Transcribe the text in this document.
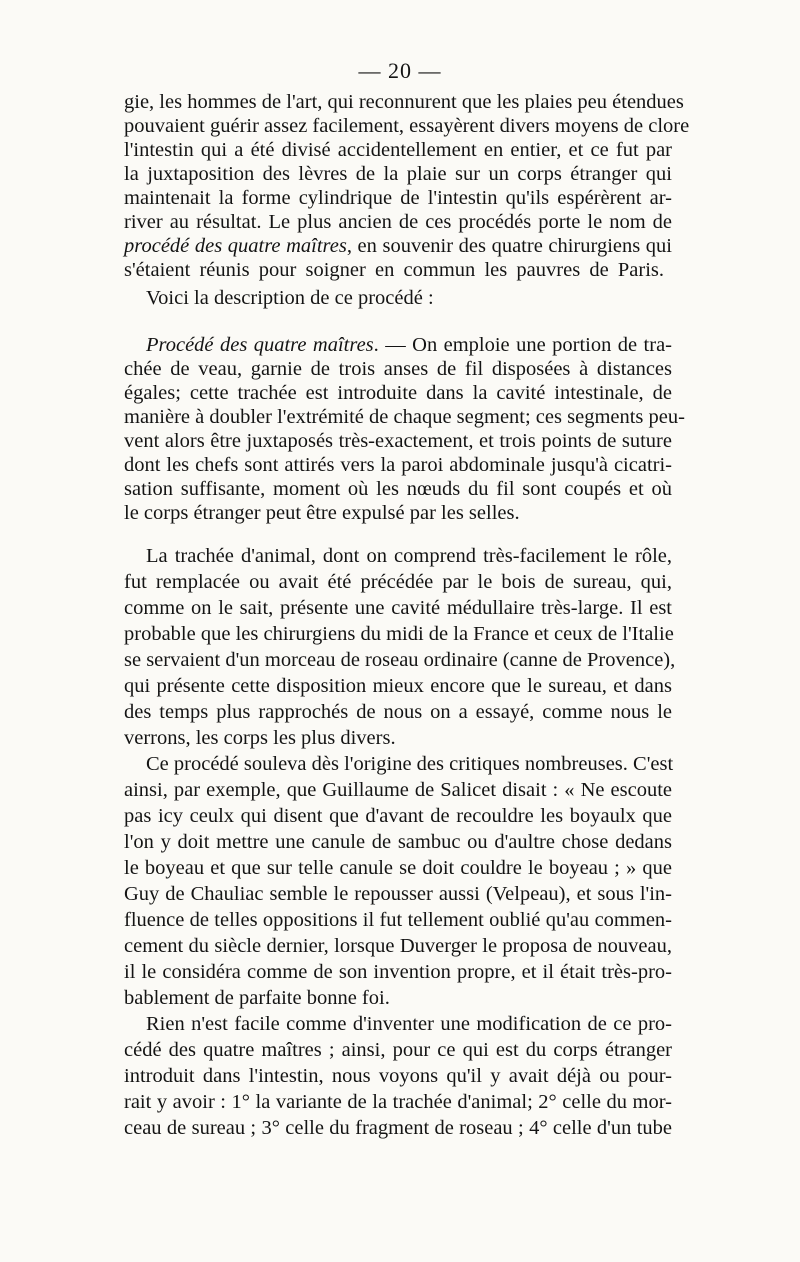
— 20 —
gie, les hommes de l'art, qui reconnurent que les plaies peu étendues
pouvaient guérir assez facilement, essayèrent divers moyens de clore
l'intestin qui a été divisé accidentellement en entier, et ce fut par
la juxtaposition des lèvres de la plaie sur un corps étranger qui
maintenait la forme cylindrique de l'intestin qu'ils espérèrent ar-
river au résultat. Le plus ancien de ces procédés porte le nom de
procédé des quatre maîtres, en souvenir des quatre chirurgiens qui
s'étaient réunis pour soigner en commun les pauvres de Paris.
Voici la description de ce procédé :
Procédé des quatre maîtres. — On emploie une portion de tra-
chée de veau, garnie de trois anses de fil disposées à distances
égales; cette trachée est introduite dans la cavité intestinale, de
manière à doubler l'extrémité de chaque segment; ces segments peu-
vent alors être juxtaposés très-exactement, et trois points de suture
dont les chefs sont attirés vers la paroi abdominale jusqu'à cicatri-
sation suffisante, moment où les nœuds du fil sont coupés et où
le corps étranger peut être expulsé par les selles.
La trachée d'animal, dont on comprend très-facilement le rôle,
fut remplacée ou avait été précédée par le bois de sureau, qui,
comme on le sait, présente une cavité médullaire très-large. Il est
probable que les chirurgiens du midi de la France et ceux de l'Italie
se servaient d'un morceau de roseau ordinaire (canne de Provence),
qui présente cette disposition mieux encore que le sureau, et dans
des temps plus rapprochés de nous on a essayé, comme nous le
verrons, les corps les plus divers.
Ce procédé souleva dès l'origine des critiques nombreuses. C'est
ainsi, par exemple, que Guillaume de Salicet disait : « Ne escoute
pas icy ceulx qui disent que d'avant de recouldre les boyaulx que
l'on y doit mettre une canule de sambuc ou d'aultre chose dedans
le boyeau et que sur telle canule se doit couldre le boyeau ; » que
Guy de Chauliac semble le repousser aussi (Velpeau), et sous l'in-
fluence de telles oppositions il fut tellement oublié qu'au commen-
cement du siècle dernier, lorsque Duverger le proposa de nouveau,
il le considéra comme de son invention propre, et il était très-pro-
bablement de parfaite bonne foi.
Rien n'est facile comme d'inventer une modification de ce pro-
cédé des quatre maîtres ; ainsi, pour ce qui est du corps étranger
introduit dans l'intestin, nous voyons qu'il y avait déjà ou pour-
rait y avoir : 1° la variante de la trachée d'animal; 2° celle du mor-
ceau de sureau ; 3° celle du fragment de roseau ; 4° celle d'un tube
